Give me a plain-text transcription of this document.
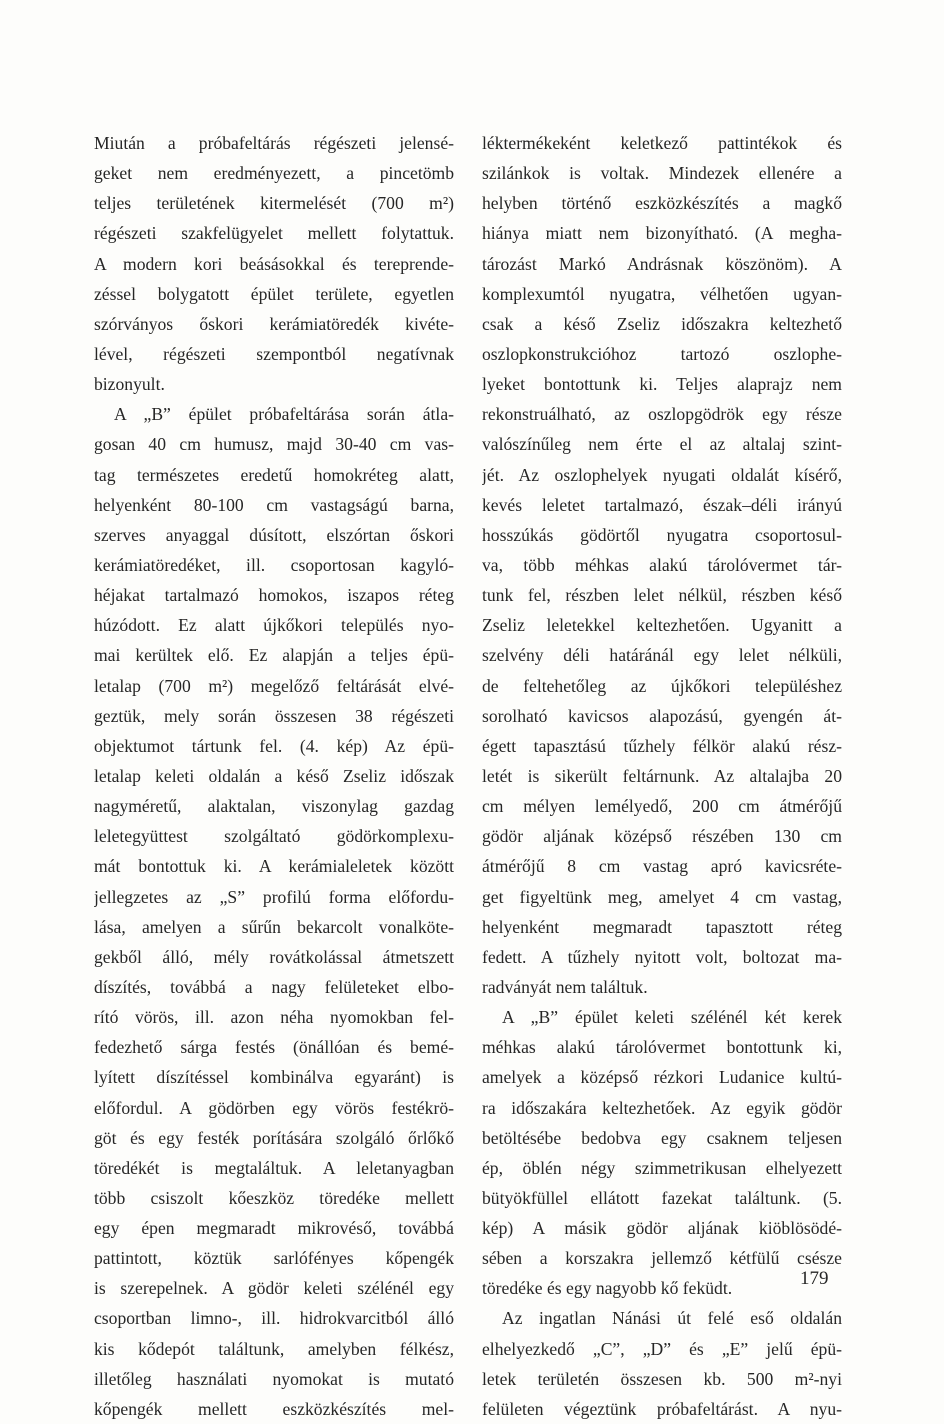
Miután a próbafeltárás régészeti jelensé-
geket nem eredményezett, a pincetömb
teljes területének kitermelését (700 m²)
régészeti szakfelügyelet mellett folytattuk.
A modern kori beásásokkal és tereprende-
zéssel bolygatott épület területe, egyetlen
szórványos őskori kerámiatöredék kivéte-
lével, régészeti szempontból negatívnak
bizonyult.
A „B” épület próbafeltárása során átla-
gosan 40 cm humusz, majd 30-40 cm vas-
tag természetes eredetű homokréteg alatt,
helyenként 80-100 cm vastagságú barna,
szerves anyaggal dúsított, elszórtan őskori
kerámiatöredéket, ill. csoportosan kagyló-
héjakat tartalmazó homokos, iszapos réteg
húzódott. Ez alatt újkőkori település nyo-
mai kerültek elő. Ez alapján a teljes épü-
letalap (700 m²) megelőző feltárását elvé-
geztük, mely során összesen 38 régészeti
objektumot tártunk fel. (4. kép) Az épü-
letalap keleti oldalán a késő Zseliz időszak
nagyméretű, alaktalan, viszonylag gazdag
leletegyüttest szolgáltató gödörkomplexu-
mát bontottuk ki. A kerámialeletek között
jellegzetes az „S” profilú forma előfordu-
lása, amelyen a sűrűn bekarcolt vonalköte-
gekből álló, mély rovátkolással átmetszett
díszítés, továbbá a nagy felületeket elbo-
rító vörös, ill. azon néha nyomokban fel-
fedezhető sárga festés (önállóan és bemé-
lyített díszítéssel kombinálva egyaránt) is
előfordul. A gödörben egy vörös festékrö-
göt és egy festék porítására szolgáló őrlőkő
töredékét is megtaláltuk. A leletanyagban
több csiszolt kőeszköz töredéke mellett
egy épen megmaradt mikrovéső, továbbá
pattintott, köztük sarlófényes kőpengék
is szerepelnek. A gödör keleti szélénél egy
csoportban limno-, ill. hidrokvarcitból álló
kis kődepót találtunk, amelyben félkész,
illetőleg használati nyomokat is mutató
kőpengék mellett eszközkészítés mel-
léktermékeként keletkező pattintékok és
szilánkok is voltak. Mindezek ellenére a
helyben történő eszközkészítés a magkő
hiánya miatt nem bizonyítható. (A megha-
tározást Markó Andrásnak köszönöm). A
komplexumtól nyugatra, vélhetően ugyan-
csak a késő Zseliz időszakra keltezhető
oszlopkonstrukcióhoz tartozó oszlophe-
lyeket bontottunk ki. Teljes alaprajz nem
rekonstruálható, az oszlopgödrök egy része
valószínűleg nem érte el az altalaj szint-
jét. Az oszlophelyek nyugati oldalát kísérő,
kevés leletet tartalmazó, észak–déli irányú
hosszúkás gödörtől nyugatra csoportosul-
va, több méhkas alakú tárolóvermet tár-
tunk fel, részben lelet nélkül, részben késő
Zseliz leletekkel keltezhetően. Ugyanitt a
szelvény déli határánál egy lelet nélküli,
de feltehetőleg az újkőkori településhez
sorolható kavicsos alapozású, gyengén át-
égett tapasztású tűzhely félkör alakú rész-
letét is sikerült feltárnunk. Az altalajba 20
cm mélyen lemélyedő, 200 cm átmérőjű
gödör aljának középső részében 130 cm
átmérőjű 8 cm vastag apró kavicsréte-
get figyeltünk meg, amelyet 4 cm vastag,
helyenként megmaradt tapasztott réteg
fedett. A tűzhely nyitott volt, boltozat ma-
radványát nem találtuk.
A „B” épület keleti szélénél két kerek
méhkas alakú tárolóvermet bontottunk ki,
amelyek a középső rézkori Ludanice kultú-
ra időszakára keltezhetőek. Az egyik gödör
betöltésébe bedobva egy csaknem teljesen
ép, öblén négy szimmetrikusan elhelyezett
bütyökfüllel ellátott fazekat találtunk. (5.
kép) A másik gödör aljának kiöblösödé-
sében a korszakra jellemző kétfülű csésze
töredéke és egy nagyobb kő feküdt.
Az ingatlan Nánási út felé eső oldalán
elhelyezkedő „C”, „D” és „E” jelű épü-
letek területén összesen kb. 500 m²-nyi
felületen végeztünk próbafeltárást. A nyu-
179
